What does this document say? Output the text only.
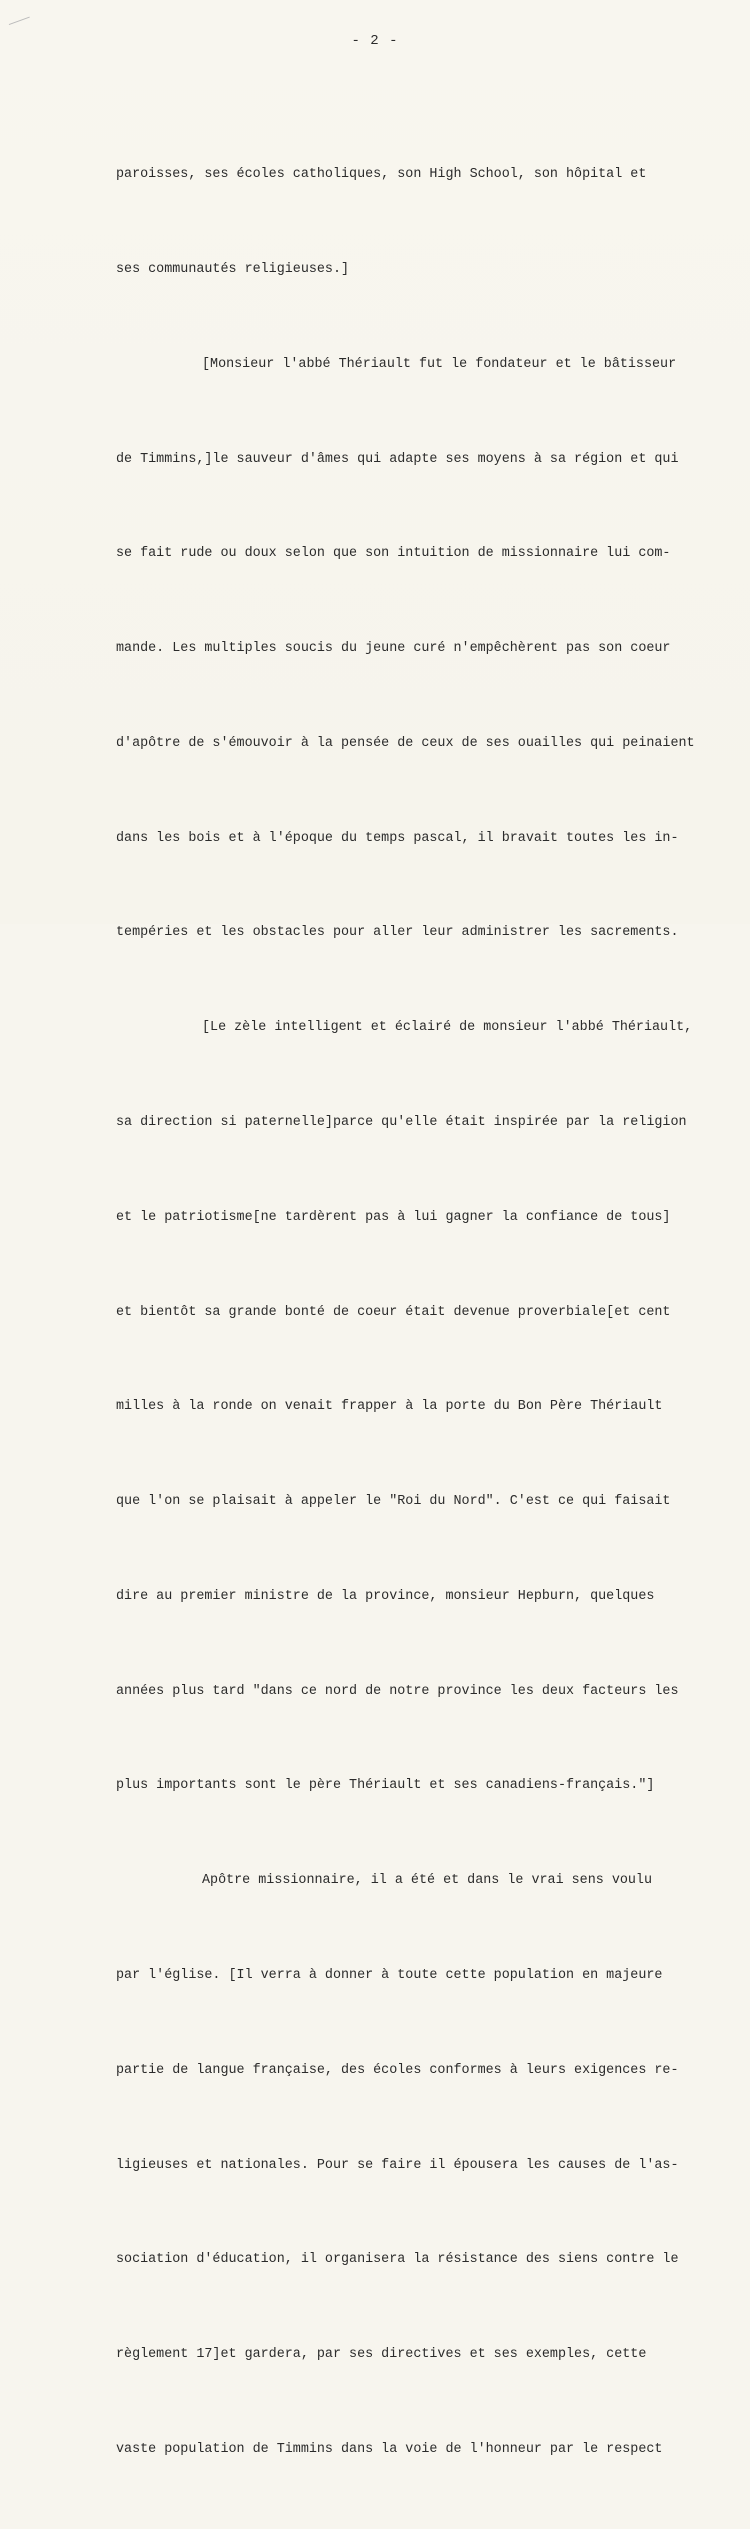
- 2 -

paroisses, ses écoles catholiques, son High School, son hôpital et

ses communautés religieuses.]

[Monsieur l'abbé Thériault fut le fondateur et le bâtisseur

de Timmins,]le sauveur d'âmes qui adapte ses moyens à sa région et qui

se fait rude ou doux selon que son intuition de missionnaire lui com-

mande. Les multiples soucis du jeune curé n'empêchèrent pas son coeur

d'apôtre de s'émouvoir à la pensée de ceux de ses ouailles qui peinaient

dans les bois et à l'époque du temps pascal, il bravait toutes les in-

tempéries et les obstacles pour aller leur administrer les sacrements.

[Le zèle intelligent et éclairé de monsieur l'abbé Thériault,

sa direction si paternelle]parce qu'elle était inspirée par la religion

et le patriotisme[ne tardèrent pas à lui gagner la confiance de tous]

et bientôt sa grande bonté de coeur était devenue proverbiale[et cent

milles à la ronde on venait frapper à la porte du Bon Père Thériault

que l'on se plaisait à appeler le "Roi du Nord". C'est ce qui faisait

dire au premier ministre de la province, monsieur Hepburn, quelques

années plus tard "dans ce nord de notre province les deux facteurs les

plus importants sont le père Thériault et ses canadiens-français."]

Apôtre missionnaire, il a été et dans le vrai sens voulu

par l'église. [Il verra à donner à toute cette population en majeure

partie de langue française, des écoles conformes à leurs exigences re-

ligieuses et nationales. Pour se faire il épousera les causes de l'as-

sociation d'éducation, il organisera la résistance des siens contre le

règlement 17]et gardera, par ses directives et ses exemples, cette

vaste population de Timmins dans la voie de l'honneur par le respect
